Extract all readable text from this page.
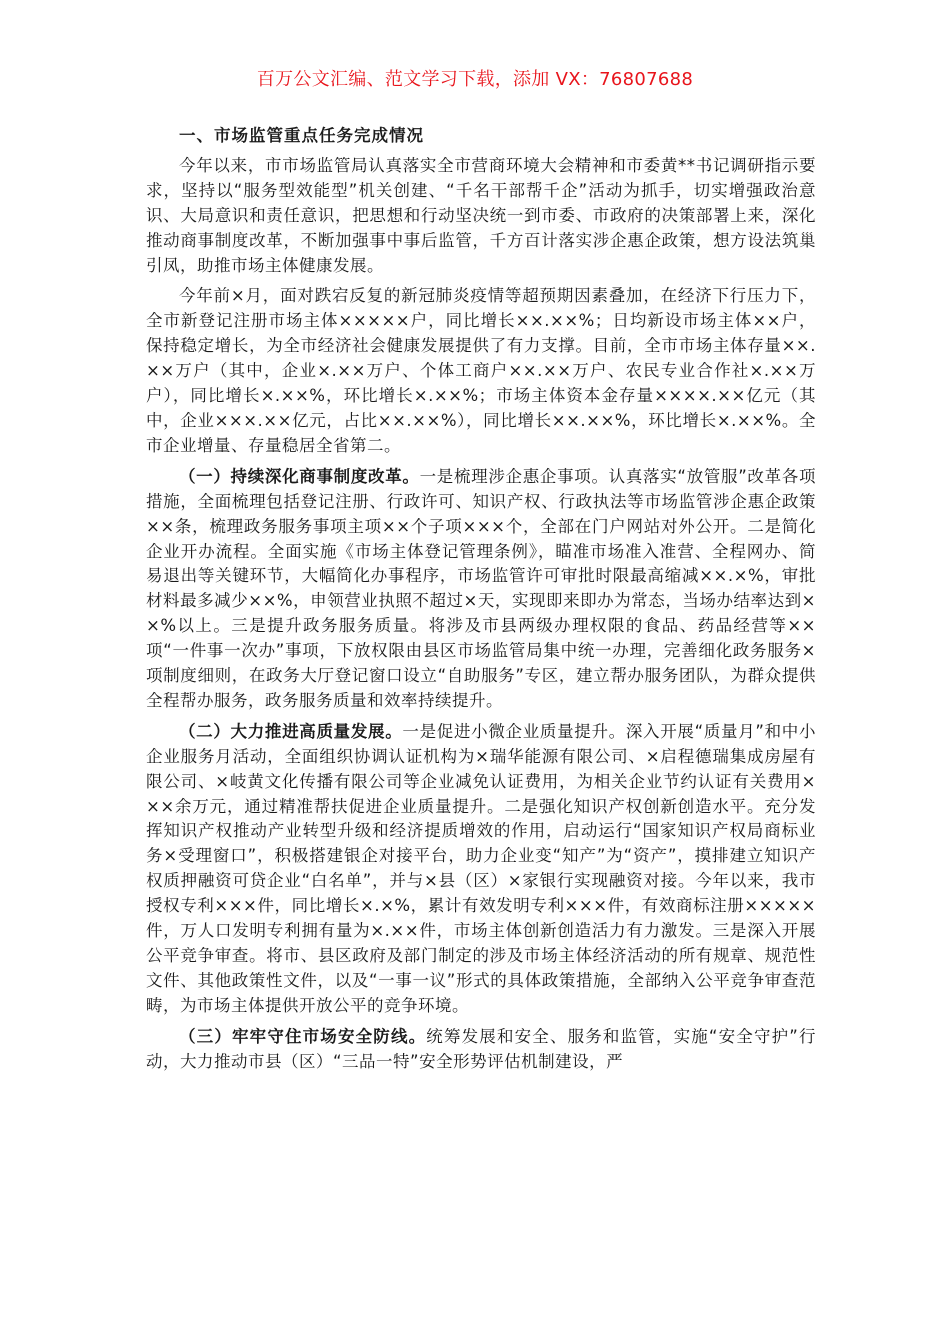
百万公文汇编、范文学习下载，添加 VX：76807688

一、市场监管重点任务完成情况

今年以来，市市场监管局认真落实全市营商环境大会精神和市委黄**书记调研指示要求，坚持以“服务型效能型”机关创建、“千名干部帮千企”活动为抓手，切实增强政治意识、大局意识和责任意识，把思想和行动坚决统一到市委、市政府的决策部署上来，深化推动商事制度改革，不断加强事中事后监管，千方百计落实涉企惠企政策，想方设法筑巢引凤，助推市场主体健康发展。

今年前×月，面对跌宕反复的新冠肺炎疫情等超预期因素叠加，在经济下行压力下，全市新登记注册市场主体×××××户，同比增长××.××%；日均新设市场主体××户，保持稳定增长，为全市经济社会健康发展提供了有力支撑。目前，全市市场主体存量××.××万户（其中，企业×.××万户、个体工商户××.××万户、农民专业合作社×.××万户），同比增长×.××%，环比增长×.××%；市场主体资本金存量××××.××亿元（其中，企业×××.××亿元，占比××.××%），同比增长××.××%，环比增长×.××%。全市企业增量、存量稳居全省第二。

（一）持续深化商事制度改革。一是梳理涉企惠企事项。认真落实“放管服”改革各项措施，全面梳理包括登记注册、行政许可、知识产权、行政执法等市场监管涉企惠企政策××条，梳理政务服务事项主项××个子项×××个，全部在门户网站对外公开。二是简化企业开办流程。全面实施《市场主体登记管理条例》，瞄准市场准入准营、全程网办、简易退出等关键环节，大幅简化办事程序，市场监管许可审批时限最高缩减××.×%，审批材料最多减少××%，申领营业执照不超过×天，实现即来即办为常态，当场办结率达到××%以上。三是提升政务服务质量。将涉及市县两级办理权限的食品、药品经营等××项“一件事一次办”事项，下放权限由县区市场监管局集中统一办理，完善细化政务服务×项制度细则，在政务大厅登记窗口设立“自助服务”专区，建立帮办服务团队，为群众提供全程帮办服务，政务服务质量和效率持续提升。

（二）大力推进高质量发展。一是促进小微企业质量提升。深入开展“质量月”和中小企业服务月活动，全面组织协调认证机构为×瑞华能源有限公司、×启程德瑞集成房屋有限公司、×岐黄文化传播有限公司等企业减免认证费用，为相关企业节约认证有关费用×××余万元，通过精准帮扶促进企业质量提升。二是强化知识产权创新创造水平。充分发挥知识产权推动产业转型升级和经济提质增效的作用，启动运行“国家知识产权局商标业务×受理窗口”，积极搭建银企对接平台，助力企业变“知产”为“资产”，摸排建立知识产权质押融资可贷企业“白名单”，并与×县（区）×家银行实现融资对接。今年以来，我市授权专利×××件，同比增长×.×%，累计有效发明专利×××件，有效商标注册×××××件，万人口发明专利拥有量为×.××件，市场主体创新创造活力有力激发。三是深入开展公平竞争审查。将市、县区政府及部门制定的涉及市场主体经济活动的所有规章、规范性文件、其他政策性文件，以及“一事一议”形式的具体政策措施，全部纳入公平竞争审查范畴，为市场主体提供开放公平的竞争环境。

（三）牢牢守住市场安全防线。统筹发展和安全、服务和监管，实施“安全守护”行动，大力推动市县（区）“三品一特”安全形势评估机制建设，严
